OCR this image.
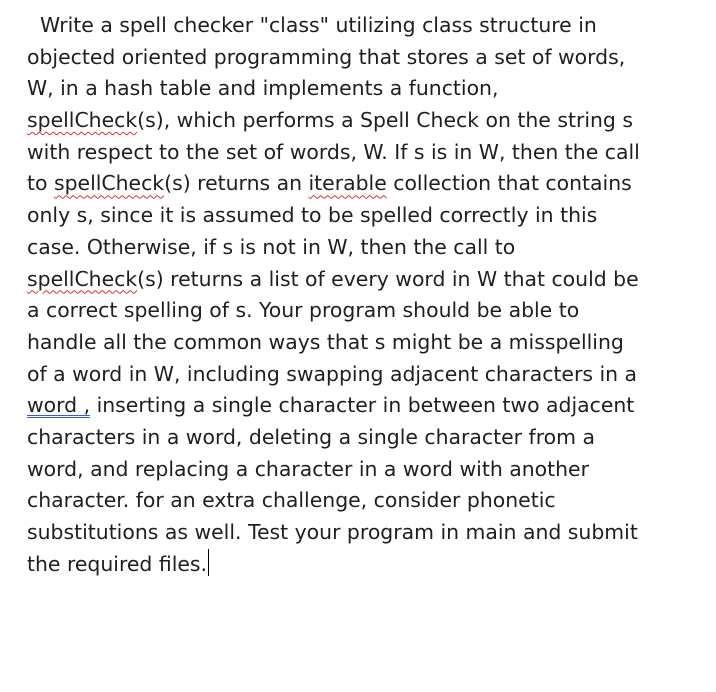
Write a spell checker "class" utilizing class structure in
objected oriented programming that stores a set of words,
W, in a hash table and implements a function,
spellCheck(s), which performs a Spell Check on the string s
with respect to the set of words, W. If s is in W, then the call
to spellCheck(s) returns an iterable collection that contains
only s, since it is assumed to be spelled correctly in this
case. Otherwise, if s is not in W, then the call to
spellCheck(s) returns a list of every word in W that could be
a correct spelling of s. Your program should be able to
handle all the common ways that s might be a misspelling
of a word in W, including swapping adjacent characters in a
word , inserting a single character in between two adjacent
characters in a word, deleting a single character from a
word, and replacing a character in a word with another
character. for an extra challenge, consider phonetic
substitutions as well. Test your program in main and submit
the required files.
